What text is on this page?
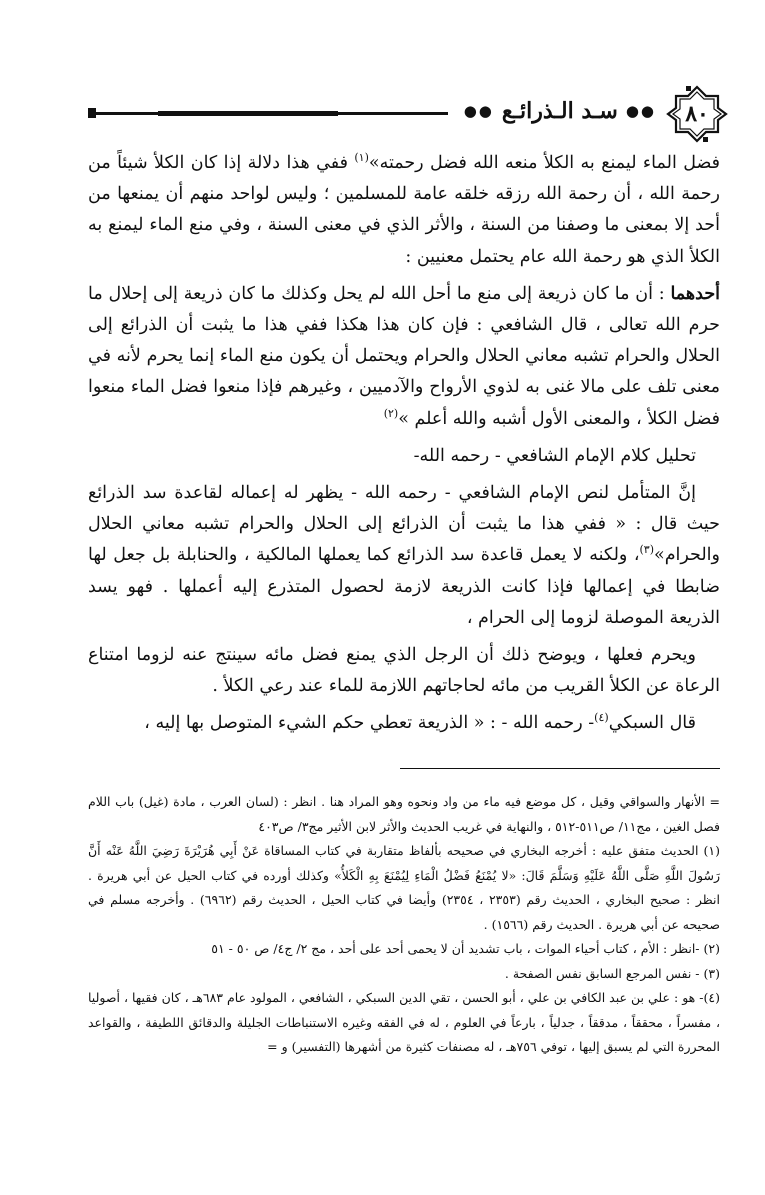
٨٠
●●
سـد الـذرائـع
●●

فضل الماء ليمنع به الكلأ منعه الله فضل رحمته»$^{(١)}$ ففي هذا دلالة إذا كان الكلأ شيئاً من رحمة الله ، أن رحمة الله رزقه خلقه عامة للمسلمين ؛ وليس لواحد منهم أن يمنعها من أحد إلا بمعنى ما وصفنا من السنة ، والأثر الذي في معنى السنة ، وفي منع الماء ليمنع به الكلأ الذي هو رحمة الله عام يحتمل معنيين :

أحدهما : أن ما كان ذريعة إلى منع ما أحل الله لم يحل وكذلك ما كان ذريعة إلى إحلال ما حرم الله تعالى ، قال الشافعي : فإن كان هذا هكذا ففي هذا ما يثبت أن الذرائع إلى الحلال والحرام تشبه معاني الحلال والحرام ويحتمل أن يكون منع الماء إنما يحرم لأنه في معنى تلف على مالا غنى به لذوي الأرواح والآدميين ، وغيرهم فإذا منعوا فضل الماء منعوا فضل الكلأ ، والمعنى الأول أشبه والله أعلم »$^{(٢)}$

تحليل كلام الإمام الشافعي - رحمه الله-

إنَّ المتأمل لنص الإمام الشافعي - رحمه الله - يظهر له إعماله لقاعدة سد الذرائع حيث قال : « ففي هذا ما يثبت أن الذرائع إلى الحلال والحرام تشبه معاني الحلال والحرام»$^{(٣)}$، ولكنه لا يعمل قاعدة سد الذرائع كما يعملها المالكية ، والحنابلة بل جعل لها ضابطا في إعمالها فإذا كانت الذريعة لازمة لحصول المتذرع إليه أعملها . فهو يسد الذريعة الموصلة لزوما إلى الحرام ،

ويحرم فعلها ، ويوضح ذلك أن الرجل الذي يمنع فضل مائه سينتج عنه لزوما امتناع الرعاة عن الكلأ القريب من مائه لحاجاتهم اللازمة للماء عند رعي الكلأ .

قال السبكي$^{(٤)}$- رحمه الله - : « الذريعة تعطي حكم الشيء المتوصل بها إليه ،

= الأنهار والسواقي وقيل ، كل موضع فيه ماء من واد ونحوه وهو المراد هنا . انظر : (لسان العرب ، مادة (غيل) باب اللام فصل الغين ، مج١١/ ص٥١١-٥١٢ ، والنهاية في غريب الحديث والأثر لابن الأثير مج٣/ ص٤٠٣

(١) الحديث متفق عليه : أخرجه البخاري في صحيحه بألفاظ متقاربة في كتاب المساقاة عَنْ أَبِي هُرَيْرَةَ رَضِيَ اللَّهُ عَنْه أَنَّ رَسُولَ اللَّهِ صَلَّى اللَّهُ عَلَيْهِ وَسَلَّمَ قَالَ: «لا يُمْنَعُ فَضْلُ الْمَاءِ لِيُمْنَعَ بِهِ الْكَلأُ» وكذلك أورده في كتاب الحيل عن أبي هريرة . انظر : صحيح البخاري ، الحديث رقم (٢٣٥٣ ، ٢٣٥٤) وأيضا في كتاب الحيل ، الحديث رقم (٦٩٦٢) . وأخرجه مسلم في صحيحه عن أبي هريرة . الحديث رقم (١٥٦٦) .

(٢) -انظر : الأم ، كتاب أحياء الموات ، باب تشديد أن لا يحمى أحد على أحد ، مج ٢/ ج٤/ ص ٥٠ - ٥١

(٣) - نفس المرجع السابق نفس الصفحة .

(٤)- هو : علي بن عبد الكافي بن علي ، أبو الحسن ، تقي الدين السبكي ، الشافعي ، المولود عام ٦٨٣هـ ، كان فقيها ، أصوليا ، مفسراً ، محققاً ، مدققاً ، جدلياً ، بارعاً في العلوم ، له في الفقه وغيره الاستنباطات الجليلة والدقائق اللطيفة ، والقواعد المحررة التي لم يسبق إليها ، توفي ٧٥٦هـ ، له مصنفات كثيرة من أشهرها (التفسير) و =
